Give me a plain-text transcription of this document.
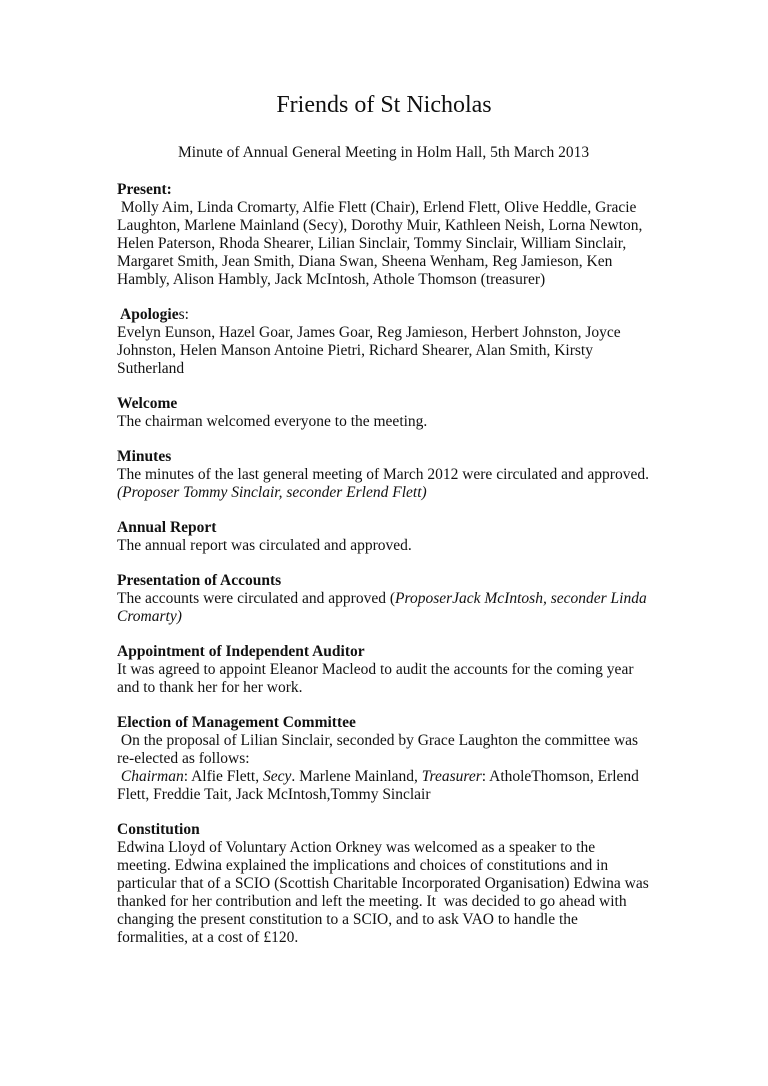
Friends of St Nicholas
Minute of Annual General Meeting in Holm Hall, 5th March 2013
Present:
Molly Aim, Linda Cromarty, Alfie Flett (Chair), Erlend Flett, Olive Heddle, Gracie
Laughton, Marlene Mainland (Secy), Dorothy Muir, Kathleen Neish, Lorna Newton,
Helen Paterson, Rhoda Shearer, Lilian Sinclair, Tommy Sinclair, William Sinclair,
Margaret Smith, Jean Smith, Diana Swan, Sheena Wenham, Reg Jamieson, Ken
Hambly, Alison Hambly, Jack McIntosh, Athole Thomson (treasurer)
Apologies:
Evelyn Eunson, Hazel Goar, James Goar, Reg Jamieson, Herbert Johnston, Joyce
Johnston, Helen Manson Antoine Pietri, Richard Shearer, Alan Smith, Kirsty
Sutherland
Welcome
The chairman welcomed everyone to the meeting.
Minutes
The minutes of the last general meeting of March 2012 were circulated and approved.
(Proposer Tommy Sinclair, seconder Erlend Flett)
Annual Report
The annual report was circulated and approved.
Presentation of Accounts
The accounts were circulated and approved (ProposerJack McIntosh, seconder Linda
Cromarty)
Appointment of Independent Auditor
It was agreed to appoint Eleanor Macleod to audit the accounts for the coming year
and to thank her for her work.
Election of Management Committee
On the proposal of Lilian Sinclair, seconded by Grace Laughton the committee was
re-elected as follows:
Chairman: Alfie Flett, Secy. Marlene Mainland, Treasurer: AtholeThomson, Erlend
Flett, Freddie Tait, Jack McIntosh,Tommy Sinclair
Constitution
Edwina Lloyd of Voluntary Action Orkney was welcomed as a speaker to the
meeting. Edwina explained the implications and choices of constitutions and in
particular that of a SCIO (Scottish Charitable Incorporated Organisation) Edwina was
thanked for her contribution and left the meeting. It  was decided to go ahead with
changing the present constitution to a SCIO, and to ask VAO to handle the
formalities, at a cost of £120.
